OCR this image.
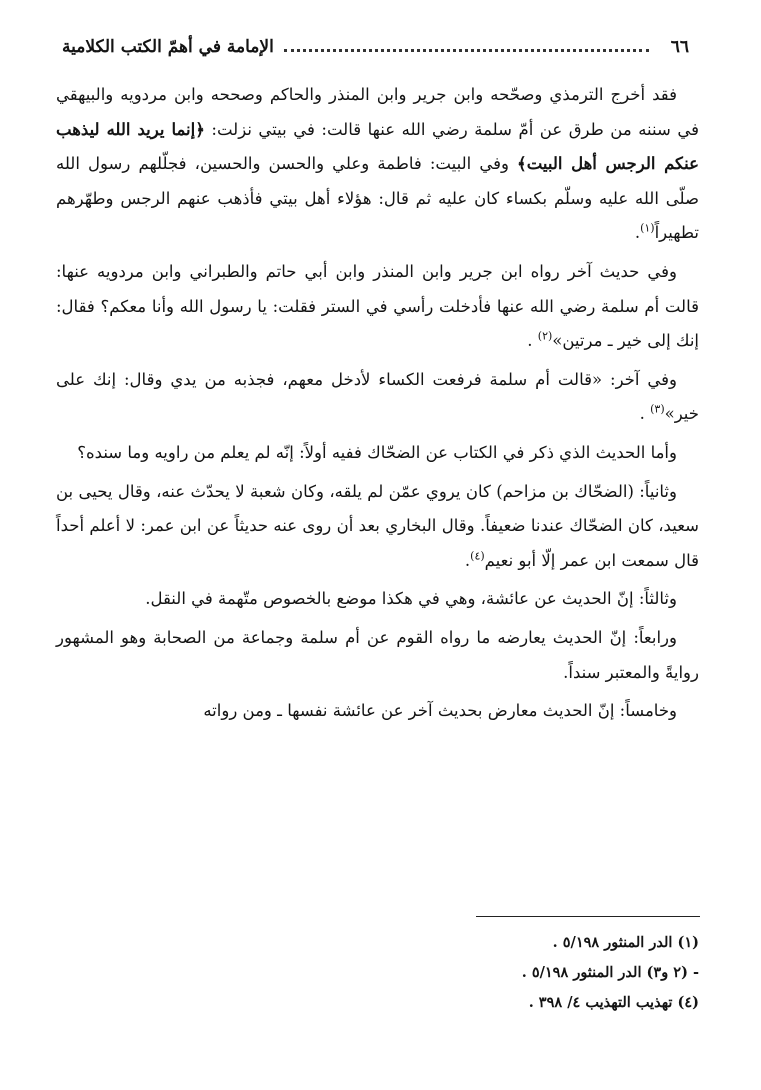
٦٦
الإمامة في أهمّ الكتب الكلامية

فقد أخرج الترمذي وصحّحه وابن جرير وابن المنذر والحاكم وصححه وابن مردويه والبيهقي في سننه من طرق عن أمّ سلمة رضي الله عنها قالت: في بيتي نزلت: ﴿إنما يريد الله ليذهب عنكم الرجس أهل البيت﴾ وفي البيت: فاطمة وعلي والحسن والحسين، فجلّلهم رسول الله صلّى الله عليه وسلّم بكساء كان عليه ثم قال: هؤلاء أهل بيتي فأذهب عنهم الرجس وطهّرهم تطهيراً$^{(١)}$.

وفي حديث آخر رواه ابن جرير وابن المنذر وابن أبي حاتم والطبراني وابن مردويه عنها: قالت أم سلمة رضي الله عنها فأدخلت رأسي في الستر فقلت: يا رسول الله وأنا معكم؟ فقال: إنك إلى خير ـ مرتين»$^{(٢)}$ .

وفي آخر: «قالت أم سلمة فرفعت الكساء لأدخل معهم، فجذبه من يدي وقال: إنك على خير»$^{(٣)}$ .

وأما الحديث الذي ذكر في الكتاب عن الضحّاك ففيه أولاً: إنّه لم يعلم من راويه وما سنده؟

وثانياً: (الضحّاك بن مزاحم) كان يروي عمّن لم يلقه، وكان شعبة لا يحدّث عنه، وقال يحيى بن سعيد، كان الضحّاك عندنا ضعيفاً. وقال البخاري بعد أن روى عنه حديثاً عن ابن عمر: لا أعلم أحداً قال سمعت ابن عمر إلّا أبو نعيم$^{(٤)}$.

وثالثاً: إنّ الحديث عن عائشة، وهي في هكذا موضع بالخصوص متّهمة في النقل.

ورابعاً: إنّ الحديث يعارضه ما رواه القوم عن أم سلمة وجماعة من الصحابة وهو المشهور روايةً والمعتبر سنداً.

وخامساً: إنّ الحديث معارض بحديث آخر عن عائشة نفسها ـ ومن رواته

(١) الدر المنثور ٥/١٩٨ .
- (٢ و٣) الدر المنثور ٥/١٩٨ .
(٤) تهذيب التهذيب ٤/ ٣٩٨ .
